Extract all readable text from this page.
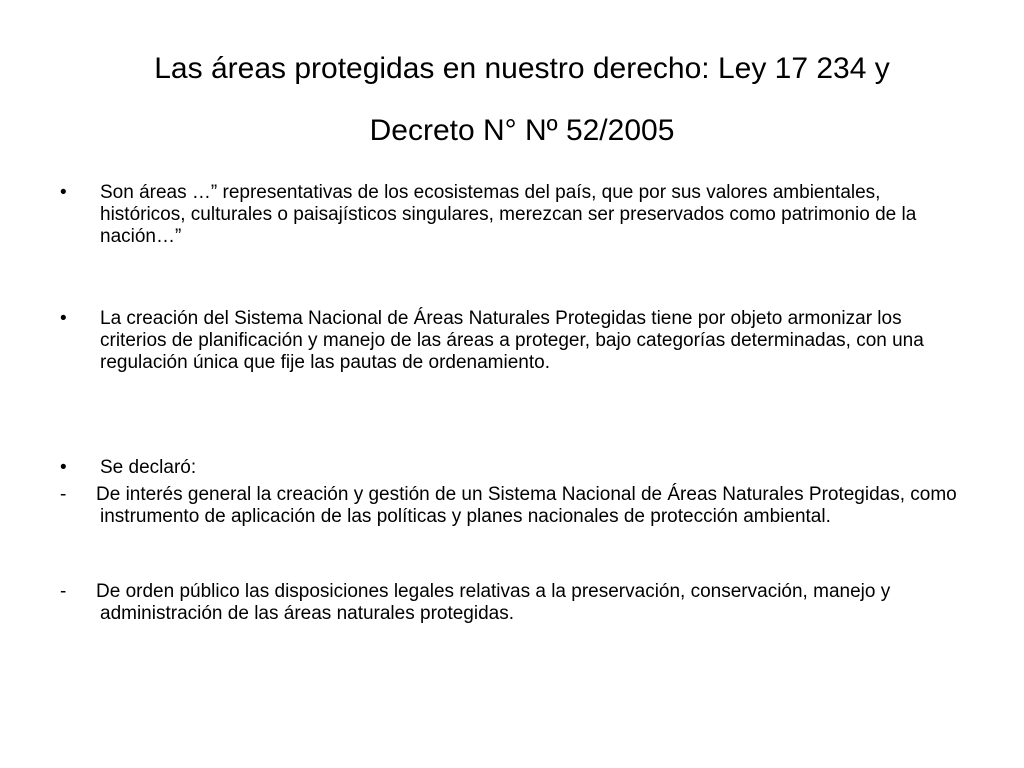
Las áreas protegidas en nuestro derecho: Ley 17 234 y
Decreto N° Nº 52/2005
• Son áreas …” representativas de los ecosistemas del país, que por sus valores ambientales, históricos, culturales o paisajísticos singulares, merezcan ser preservados como patrimonio de la nación…”
• La creación del Sistema Nacional de Áreas Naturales Protegidas tiene por objeto armonizar los criterios de planificación y manejo de las áreas a proteger, bajo categorías determinadas, con una regulación única que fije las pautas de ordenamiento.
• Se declaró:
- De interés general la creación y gestión de un Sistema Nacional de Áreas Naturales Protegidas, como instrumento de aplicación de las políticas y planes nacionales de protección ambiental.
- De orden público las disposiciones legales relativas a la preservación, conservación, manejo y administración de las áreas naturales protegidas.
